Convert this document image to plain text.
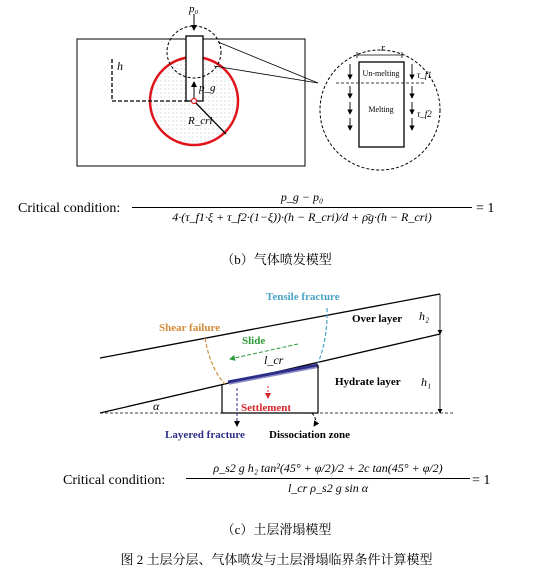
p₀
p_g
h
R_cri
r
Un-melting
Melting
τ_f1
τ_f2
Critical condition:
p_g − p₀
4·(τ_f1·ξ + τ_f2·(1−ξ))·(h − R_cri)/d + ρ̄g·(h − R_cri)
= 1
（b）气体喷发模型
h₂
h₁
Over layer
Hydrate layer
α
Tensile fracture
Shear failure
Slide
l_cr
Settlement
Layered fracture Dissociation zone
Critical condition: $\frac{\text{ρ\_s2 g h₂ tan²(45° + φ/2)/2 + 2c tan(45° + φ/2)}}{\text{l\_cr ρ\_s2 g sin α}} = 1$
（c）土层滑塌模型
图 2 土层分层、气体喷发与土层滑塌临界条件计算模型
